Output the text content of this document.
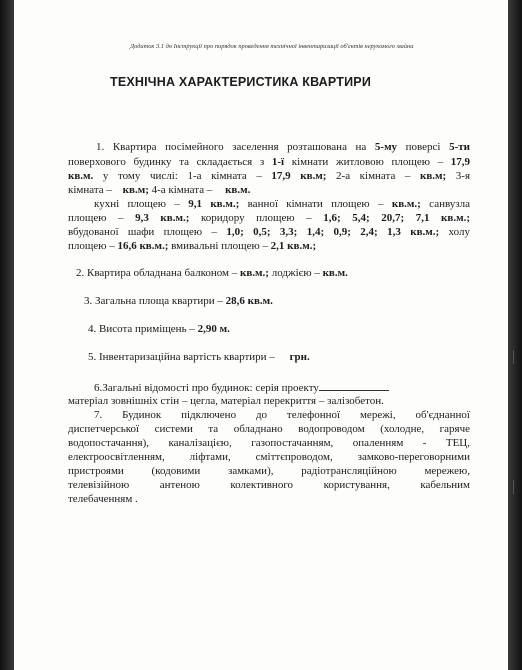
Додаток 3.1 до Інструкції про порядок проведення технічної інвентаризації об'єктів нерухомого майна
ТЕХНІЧНА ХАРАКТЕРИСТИКА КВАРТИРИ
1. Квартира посімейного заселення розташована на 5-му поверсі 5-ти
поверхового будинку та складається з 1-ї кімнати житловою площею – 17,9
кв.м. у тому числі: 1-а кімната – 17,9 кв.м; 2-а кімната – кв.м; 3-я
кімната – кв.м; 4-а кімната – кв.м.
кухні площею – 9,1 кв.м.; ванної кімнати площею – кв.м.; санвузла
площею – 9,3 кв.м.; коридору площею – 1,6; 5,4; 20,7; 7,1 кв.м.;
вбудованої шафи площею – 1,0; 0,5; 3,3; 1,4; 0,9; 2,4; 1,3 кв.м.; холу
площею – 16,6 кв.м.; вмивальні площею – 2,1 кв.м.;
2. Квартира обладнана балконом – кв.м.; лоджією – кв.м.
3. Загальна площа квартири – 28,6 кв.м.
4. Висота приміщень – 2,90 м.
5. Інвентаризаційна вартість квартири – грн.
6.Загальні відомості про будинок: серія проекту
матеріал зовнішніх стін – цегла, матеріал перекриття – залізобетон.
7. Будинок підключено до телефонної мережі, об'єднанної
диспетчерської системи та обладнано водопроводом (холодне, гаряче
водопостачання), каналізацією, газопостачанням, опаленням - ТЕЦ,
електроосвітленням, ліфтами, сміттєпроводом, замково-переговорними
пристроями (кодовими замками), радіотрансляційною мережею,
телевізійною антеною колективного користування, кабельним
телебаченням .
